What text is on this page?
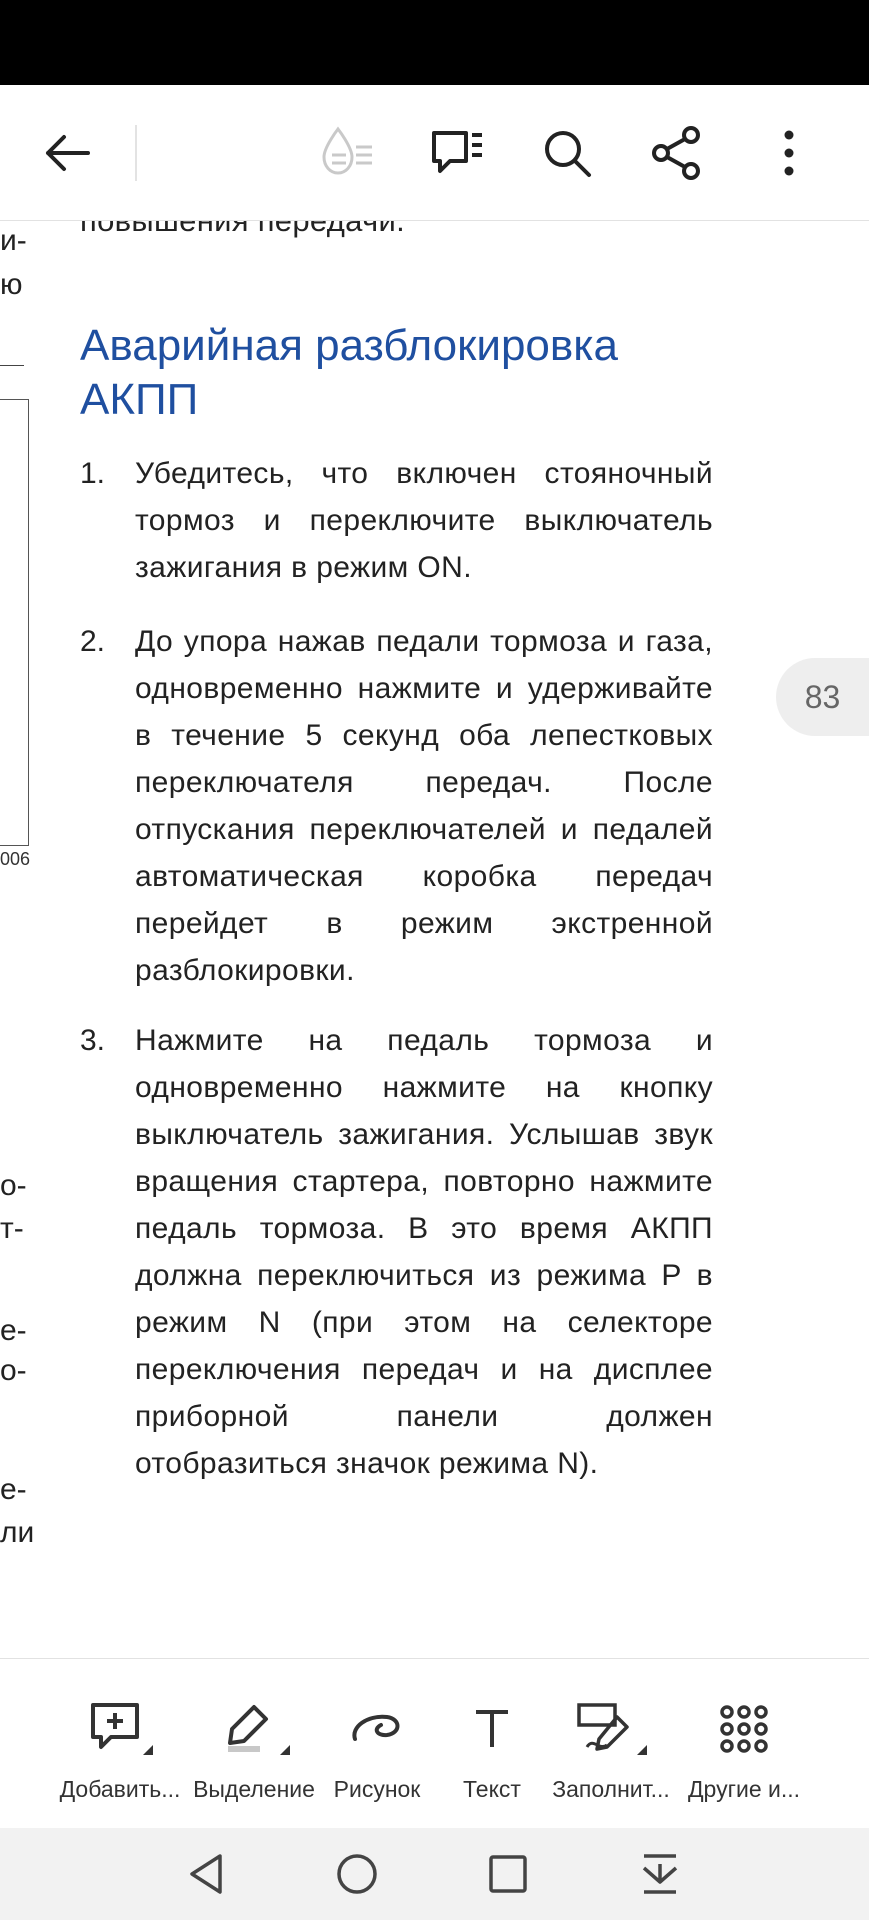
и-
ю
006
о-
т-
е-
о-
е-
ли
Аварийная разблокировка АКПП
1. Убедитесь, что включен стояночный тормоз и переключите выключатель зажигания в режим ON.
2. До упора нажав педали тормоза и газа, одновременно нажмите и удерживайте в течение 5 секунд оба лепестковых переключателя передач. После отпускания переключателей и педалей автоматическая коробка передач перейдет в режим экстренной разблокировки.
3. Нажмите на педаль тормоза и одновременно нажмите на кнопку выключатель зажигания. Услышав звук вращения стартера, повторно нажмите педаль тормоза. В это время АКПП должна переключиться из режима P в режим N (при этом на селекторе переключения передач и на дисплее приборной панели должен отобразиться значок режима N).
83
Добавить... Выделение Рисунок	Текст	Заполнит... Другие и...
